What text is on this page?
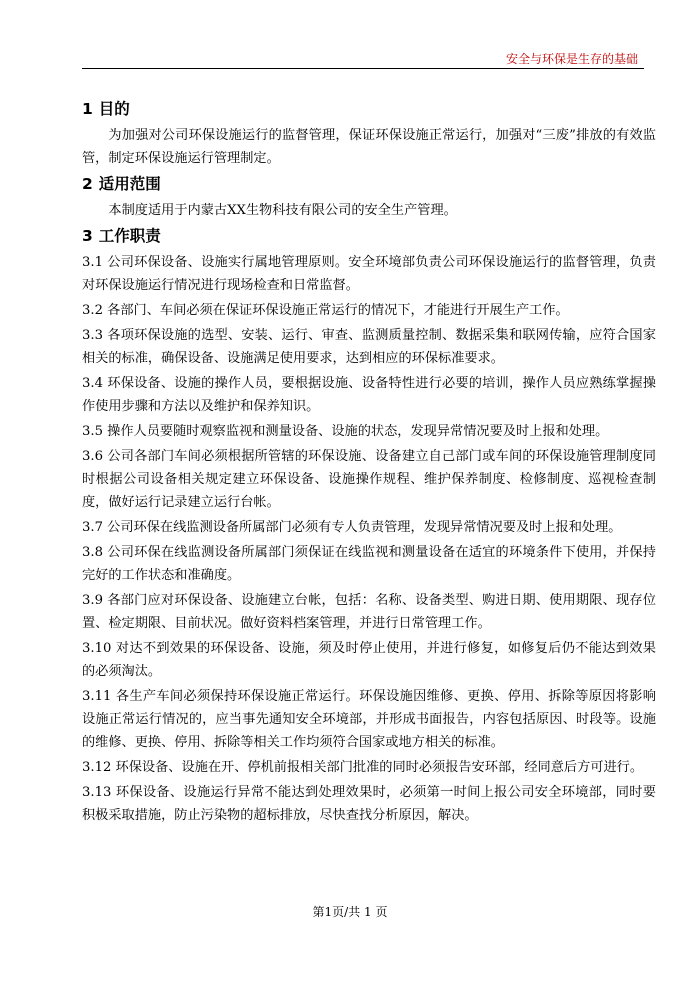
安全与环保是生存的基础
1 目的

为加强对公司环保设施运行的监督管理，保证环保设施正常运行，加强对“三废”排放的有效监管，制定环保设施运行管理制定。

2 适用范围

本制度适用于内蒙古XX生物科技有限公司的安全生产管理。

3 工作职责

3.1 公司环保设备、设施实行属地管理原则。安全环境部负责公司环保设施运行的监督管理，负责对环保设施运行情况进行现场检查和日常监督。

3.2 各部门、车间必须在保证环保设施正常运行的情况下，才能进行开展生产工作。

3.3 各项环保设施的选型、安装、运行、审查、监测质量控制、数据采集和联网传输，应符合国家相关的标准，确保设备、设施满足使用要求，达到相应的环保标准要求。

3.4 环保设备、设施的操作人员，要根据设施、设备特性进行必要的培训，操作人员应熟练掌握操作使用步骤和方法以及维护和保养知识。

3.5 操作人员要随时观察监视和测量设备、设施的状态，发现异常情况要及时上报和处理。

3.6 公司各部门车间必须根据所管辖的环保设施、设备建立自己部门或车间的环保设施管理制度同时根据公司设备相关规定建立环保设备、设施操作规程、维护保养制度、检修制度、巡视检查制度，做好运行记录建立运行台帐。

3.7 公司环保在线监测设备所属部门必须有专人负责管理，发现异常情况要及时上报和处理。

3.8 公司环保在线监测设备所属部门须保证在线监视和测量设备在适宜的环境条件下使用，并保持完好的工作状态和准确度。

3.9 各部门应对环保设备、设施建立台帐，包括：名称、设备类型、购进日期、使用期限、现存位置、检定期限、目前状况。做好资料档案管理，并进行日常管理工作。

3.10 对达不到效果的环保设备、设施，须及时停止使用，并进行修复，如修复后仍不能达到效果的必须淘汰。

3.11 各生产车间必须保持环保设施正常运行。环保设施因维修、更换、停用、拆除等原因将影响设施正常运行情况的，应当事先通知安全环境部，并形成书面报告，内容包括原因、时段等。设施的维修、更换、停用、拆除等相关工作均须符合国家或地方相关的标准。

3.12 环保设备、设施在开、停机前报相关部门批准的同时必须报告安环部，经同意后方可进行。

3.13 环保设备、设施运行异常不能达到处理效果时，必须第一时间上报公司安全环境部，同时要积极采取措施，防止污染物的超标排放，尽快查找分析原因，解决。

第1页/共 1 页
